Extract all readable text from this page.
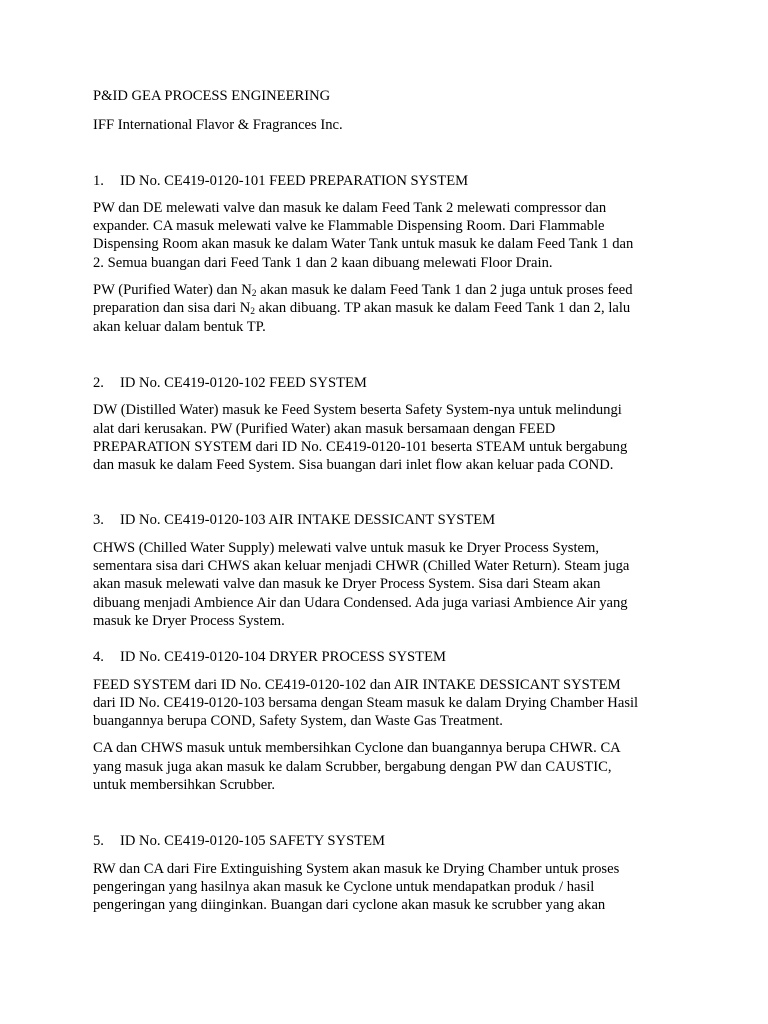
P&ID GEA PROCESS ENGINEERING

IFF International Flavor & Fragrances Inc.

1. ID No. CE419-0120-101 FEED PREPARATION SYSTEM

PW dan DE melewati valve dan masuk ke dalam Feed Tank 2 melewati compressor dan
expander. CA masuk melewati valve ke Flammable Dispensing Room. Dari Flammable
Dispensing Room akan masuk ke dalam Water Tank untuk masuk ke dalam Feed Tank 1 dan
2. Semua buangan dari Feed Tank 1 dan 2 kaan dibuang melewati Floor Drain.
PW (Purified Water) dan $N_2$ akan masuk ke dalam Feed Tank 1 dan 2 juga untuk proses feed
preparation dan sisa dari $N_2$ akan dibuang. TP akan masuk ke dalam Feed Tank 1 dan 2, lalu
akan keluar dalam bentuk TP.

2. ID No. CE419-0120-102 FEED SYSTEM

DW (Distilled Water) masuk ke Feed System beserta Safety System-nya untuk melindungi
alat dari kerusakan. PW (Purified Water) akan masuk bersamaan dengan FEED
PREPARATION SYSTEM dari ID No. CE419-0120-101 beserta STEAM untuk bergabung
dan masuk ke dalam Feed System. Sisa buangan dari inlet flow akan keluar pada COND.

3. ID No. CE419-0120-103 AIR INTAKE DESSICANT SYSTEM

CHWS (Chilled Water Supply) melewati valve untuk masuk ke Dryer Process System,
sementara sisa dari CHWS akan keluar menjadi CHWR (Chilled Water Return). Steam juga
akan masuk melewati valve dan masuk ke Dryer Process System. Sisa dari Steam akan
dibuang menjadi Ambience Air dan Udara Condensed. Ada juga variasi Ambience Air yang
masuk ke Dryer Process System.

4. ID No. CE419-0120-104 DRYER PROCESS SYSTEM

FEED SYSTEM dari ID No. CE419-0120-102 dan AIR INTAKE DESSICANT SYSTEM
dari ID No. CE419-0120-103 bersama dengan Steam masuk ke dalam Drying Chamber Hasil
buangannya berupa COND, Safety System, dan Waste Gas Treatment.
CA dan CHWS masuk untuk membersihkan Cyclone dan buangannya berupa CHWR. CA
yang masuk juga akan masuk ke dalam Scrubber, bergabung dengan PW dan CAUSTIC,
untuk membersihkan Scrubber.

5. ID No. CE419-0120-105 SAFETY SYSTEM

RW dan CA dari Fire Extinguishing System akan masuk ke Drying Chamber untuk proses
pengeringan yang hasilnya akan masuk ke Cyclone untuk mendapatkan produk / hasil
pengeringan yang diinginkan. Buangan dari cyclone akan masuk ke scrubber yang akan
